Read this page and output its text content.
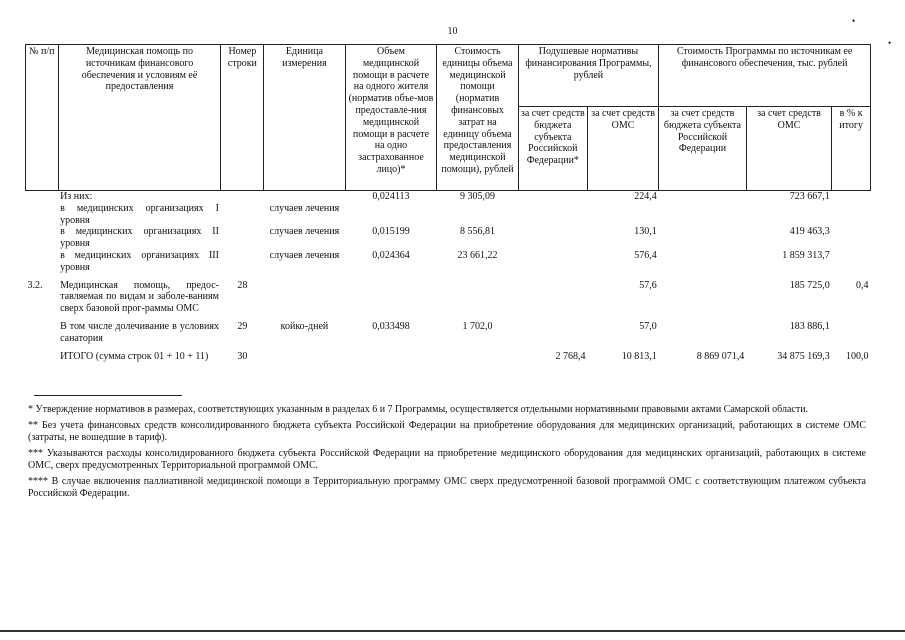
10
•
•
№ п/п	Медицинская помощь по источникам финансового обеспечения и условиям её предоставления	Номер строки	Единица измерения	Объем медицинской помощи в расчете на одного жителя (норматив объе-мов предоставле-ния медицинской помощи в расчете на одно застрахованное лицо)*	Стоимость единицы объема медицинской помощи (норматив финансовых затрат на единицу объема предоставления медицинской помощи), рублей	Подушевые нормативы финансирования Программы, рублей		Стоимость Программы по источникам ее финансового обеспечения, тыс. рублей		
						за счет средств бюджета субъекта Российской Федерации*	за счет средств ОМС	за счет средств бюджета субъекта Российской Федерации	за счет средств ОМС	в % к итогу
	Из них:			0,024113	9 305,09		224,4		723 667,1	
	в медицинских организациях I уровня		случаев лечения							
	в медицинских организациях II уровня		случаев лечения	0,015199	8 556,81		130,1		419 463,3	
	в медицинских организациях III уровня		случаев лечения	0,024364	23 661,22		576,4		1 859 313,7	

3.2.	Медицинская помощь, предос-тавляемая по видам и заболе-ваниям сверх базовой прог-раммы ОМС	28					57,6		185 725,0	0,4

	В том числе долечивание в условиях санатория	29	койко-дней	0,033498	1 702,0		57,0		183 886,1	

	ИТОГО (сумма строк 01 + 10 + 11)	30				2 768,4	10 813,1	8 869 071,4	34 875 169,3	100,0

* Утверждение нормативов в размерах, соответствующих указанным в разделах 6 и 7 Программы, осуществляется отдельными нормативными правовыми актами Самарской области.

** Без учета финансовых средств консолидированного бюджета субъекта Российской Федерации на приобретение оборудования для медицинских организаций, работающих в системе ОМС (затраты, не вошедшие в тариф).

*** Указываются расходы консолидированного бюджета субъекта Российской Федерации на приобретение медицинского оборудования для медицинских организаций, работающих в системе ОМС, сверх предусмотренных Территориальной программой ОМС.

**** В случае включения паллиативной медицинской помощи в Территориальную программу ОМС сверх предусмотренной базовой программой ОМС с соответствующим платежом субъекта Российской Федерации.
